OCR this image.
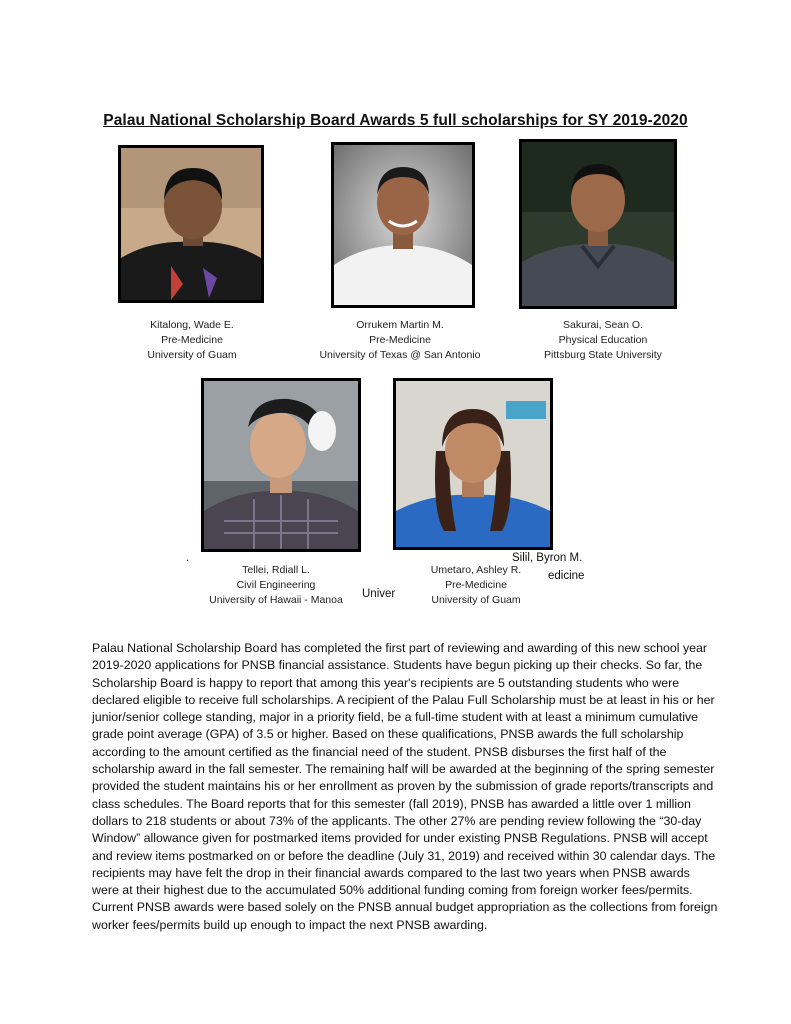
Palau National Scholarship Board Awards 5 full scholarships for SY 2019-2020
Kitalong, Wade E.
Pre-Medicine
University of Guam
Orrukem Martin M.
Pre-Medicine
University of Texas @ San Antonio
Sakurai, Sean O.
Physical Education
Pittsburg State University
Tellei, Rdiall L.
Civil Engineering
University of Hawaii - Manoa
Umetaro, Ashley R.
Pre-Medicine
University of Guam
.	Silil, Byron M.
edicine
Univer
Palau National Scholarship Board has completed the first part of reviewing and awarding of this new school year 2019-2020 applications for PNSB financial assistance. Students have begun picking up their checks. So far, the Scholarship Board is happy to report that among this year's recipients are 5 outstanding students who were declared eligible to receive full scholarships. A recipient of the Palau Full Scholarship must be at least in his or her junior/senior college standing, major in a priority field, be a full-time student with at least a minimum cumulative grade point average (GPA) of 3.5 or higher. Based on these qualifications, PNSB awards the full scholarship according to the amount certified as the financial need of the student. PNSB disburses the first half of the scholarship award in the fall semester. The remaining half will be awarded at the beginning of the spring semester provided the student maintains his or her enrollment as proven by the submission of grade reports/transcripts and class schedules. The Board reports that for this semester (fall 2019), PNSB has awarded a little over 1 million dollars to 218 students or about 73% of the applicants. The other 27% are pending review following the “30-day Window” allowance given for postmarked items provided for under existing PNSB Regulations. PNSB will accept and review items postmarked on or before the deadline (July 31, 2019) and received within 30 calendar days. The recipients may have felt the drop in their financial awards compared to the last two years when PNSB awards were at their highest due to the accumulated 50% additional funding coming from foreign worker fees/permits. Current PNSB awards were based solely on the PNSB annual budget appropriation as the collections from foreign worker fees/permits build up enough to impact the next PNSB awarding.
